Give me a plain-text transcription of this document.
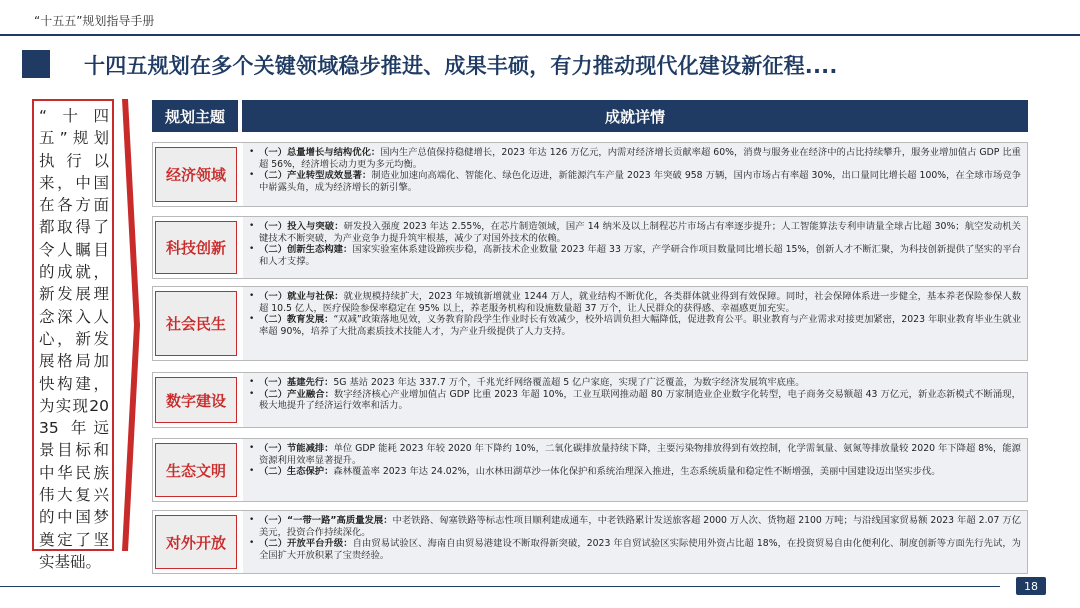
“十五五”规划指导手册
十四五规划在多个关键领域稳步推进、成果丰硕，有力推动现代化建设新征程....
“十四五”规划执行以来，中国在各方面都取得了令人瞩目的成就，新发展理念深入人心，新发展格局加快构建，为实现2035 年远景目标和中华民族伟大复兴的中国梦奠定了坚实基础。
规划主题	成就详情
经济领域
• （一）总量增长与结构优化：国内生产总值保持稳健增长，2023 年达 126 万亿元，内需对经济增长贡献率超 60%，消费与服务业在经济中的占比持续攀升，服务业增加值占 GDP 比重超 56%，经济增长动力更为多元均衡。
• （二）产业转型成效显著：制造业加速向高端化、智能化、绿色化迈进，新能源汽车产量 2023 年突破 958 万辆，国内市场占有率超 30%，出口量同比增长超 100%，在全球市场竞争中崭露头角，成为经济增长的新引擎。
科技创新
• （一）投入与突破：研发投入强度 2023 年达 2.55%，在芯片制造领域，国产 14 纳米及以上制程芯片市场占有率逐步提升；人工智能算法专利申请量全球占比超 30%；航空发动机关键技术不断突破，为产业竞争力提升筑牢根基，减少了对国外技术的依赖。
• （二）创新生态构建：国家实验室体系建设蹄疾步稳，高新技术企业数量 2023 年超 33 万家，产学研合作项目数量同比增长超 15%，创新人才不断汇聚，为科技创新提供了坚实的平台和人才支撑。
社会民生
• （一）就业与社保：就业规模持续扩大，2023 年城镇新增就业 1244 万人，就业结构不断优化，各类群体就业得到有效保障。同时，社会保障体系进一步健全，基本养老保险参保人数超 10.5 亿人，医疗保险参保率稳定在 95% 以上，养老服务机构和设施数量超 37 万个，让人民群众的获得感、幸福感更加充实。
• （二）教育发展：“双减”政策落地见效，义务教育阶段学生作业时长有效减少，校外培训负担大幅降低，促进教育公平。职业教育与产业需求对接更加紧密，2023 年职业教育毕业生就业率超 90%，培养了大批高素质技术技能人才，为产业升级提供了人力支持。
数字建设
• （一）基建先行：5G 基站 2023 年达 337.7 万个，千兆光纤网络覆盖超 5 亿户家庭，实现了广泛覆盖，为数字经济发展筑牢底座。
• （二）产业融合：数字经济核心产业增加值占 GDP 比重 2023 年超 10%，工业互联网推动超 80 万家制造业企业数字化转型，电子商务交易额超 43 万亿元，新业态新模式不断涌现，极大地提升了经济运行效率和活力。
生态文明
• （一）节能减排：单位 GDP 能耗 2023 年较 2020 年下降约 10%，二氧化碳排放量持续下降，主要污染物排放得到有效控制，化学需氧量、氨氮等排放量较 2020 年下降超 8%，能源资源利用效率显著提升。
• （二）生态保护：森林覆盖率 2023 年达 24.02%，山水林田湖草沙一体化保护和系统治理深入推进，生态系统质量和稳定性不断增强，美丽中国建设迈出坚实步伐。
对外开放
• （一）“一带一路”高质量发展：中老铁路、匈塞铁路等标志性项目顺利建成通车，中老铁路累计发送旅客超 2000 万人次、货物超 2100 万吨；与沿线国家贸易额 2023 年超 2.07 万亿美元，投资合作持续深化。
• （二）开放平台升级：自由贸易试验区、海南自由贸易港建设不断取得新突破，2023 年自贸试验区实际使用外资占比超 18%，在投资贸易自由化便利化、制度创新等方面先行先试，为全国扩大开放积累了宝贵经验。
18
